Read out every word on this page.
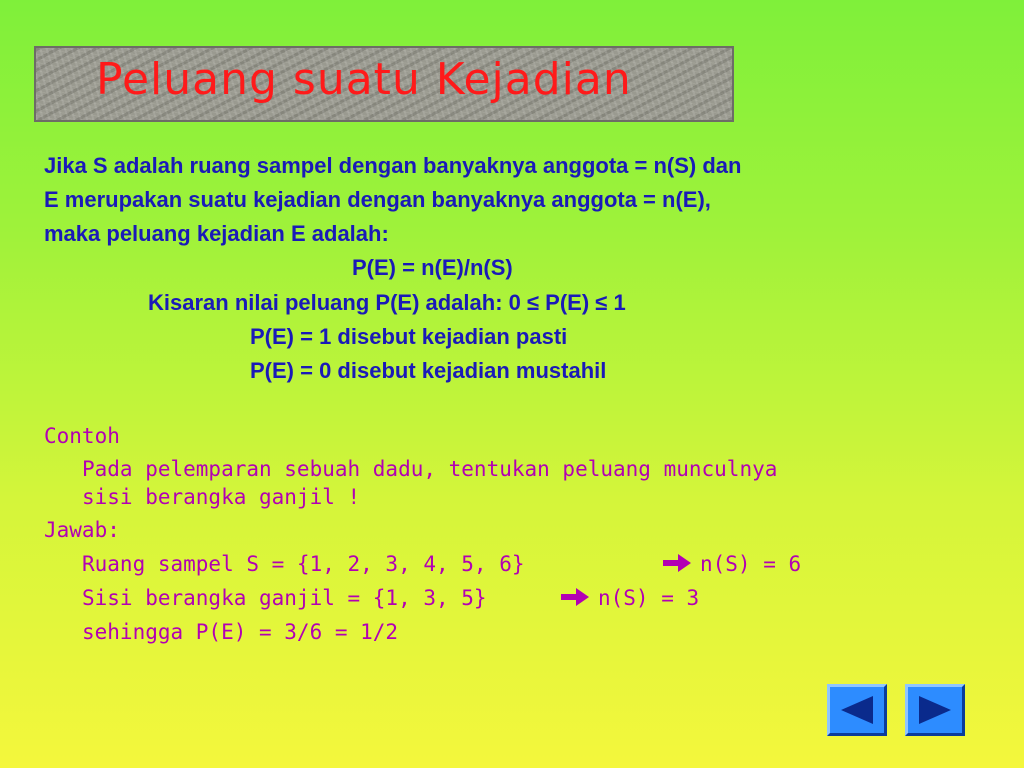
Peluang suatu Kejadian

Jika S adalah ruang sampel dengan banyaknya anggota = n(S) dan

E merupakan suatu kejadian dengan banyaknya anggota = n(E),

maka peluang kejadian E adalah:

P(E) = n(E)/n(S)

Kisaran nilai peluang P(E) adalah: 0 ≤ P(E) ≤ 1

P(E) = 1 disebut kejadian pasti

P(E) = 0 disebut kejadian mustahil

Contoh

Pada pelemparan sebuah dadu, tentukan peluang munculnya

sisi berangka ganjil !

Jawab:

Ruang sampel S = {1, 2, 3, 4, 5, 6}	n(S) = 6

Sisi berangka ganjil = {1, 3, 5}	n(S) = 3

sehingga P(E) = 3/6 = 1/2
